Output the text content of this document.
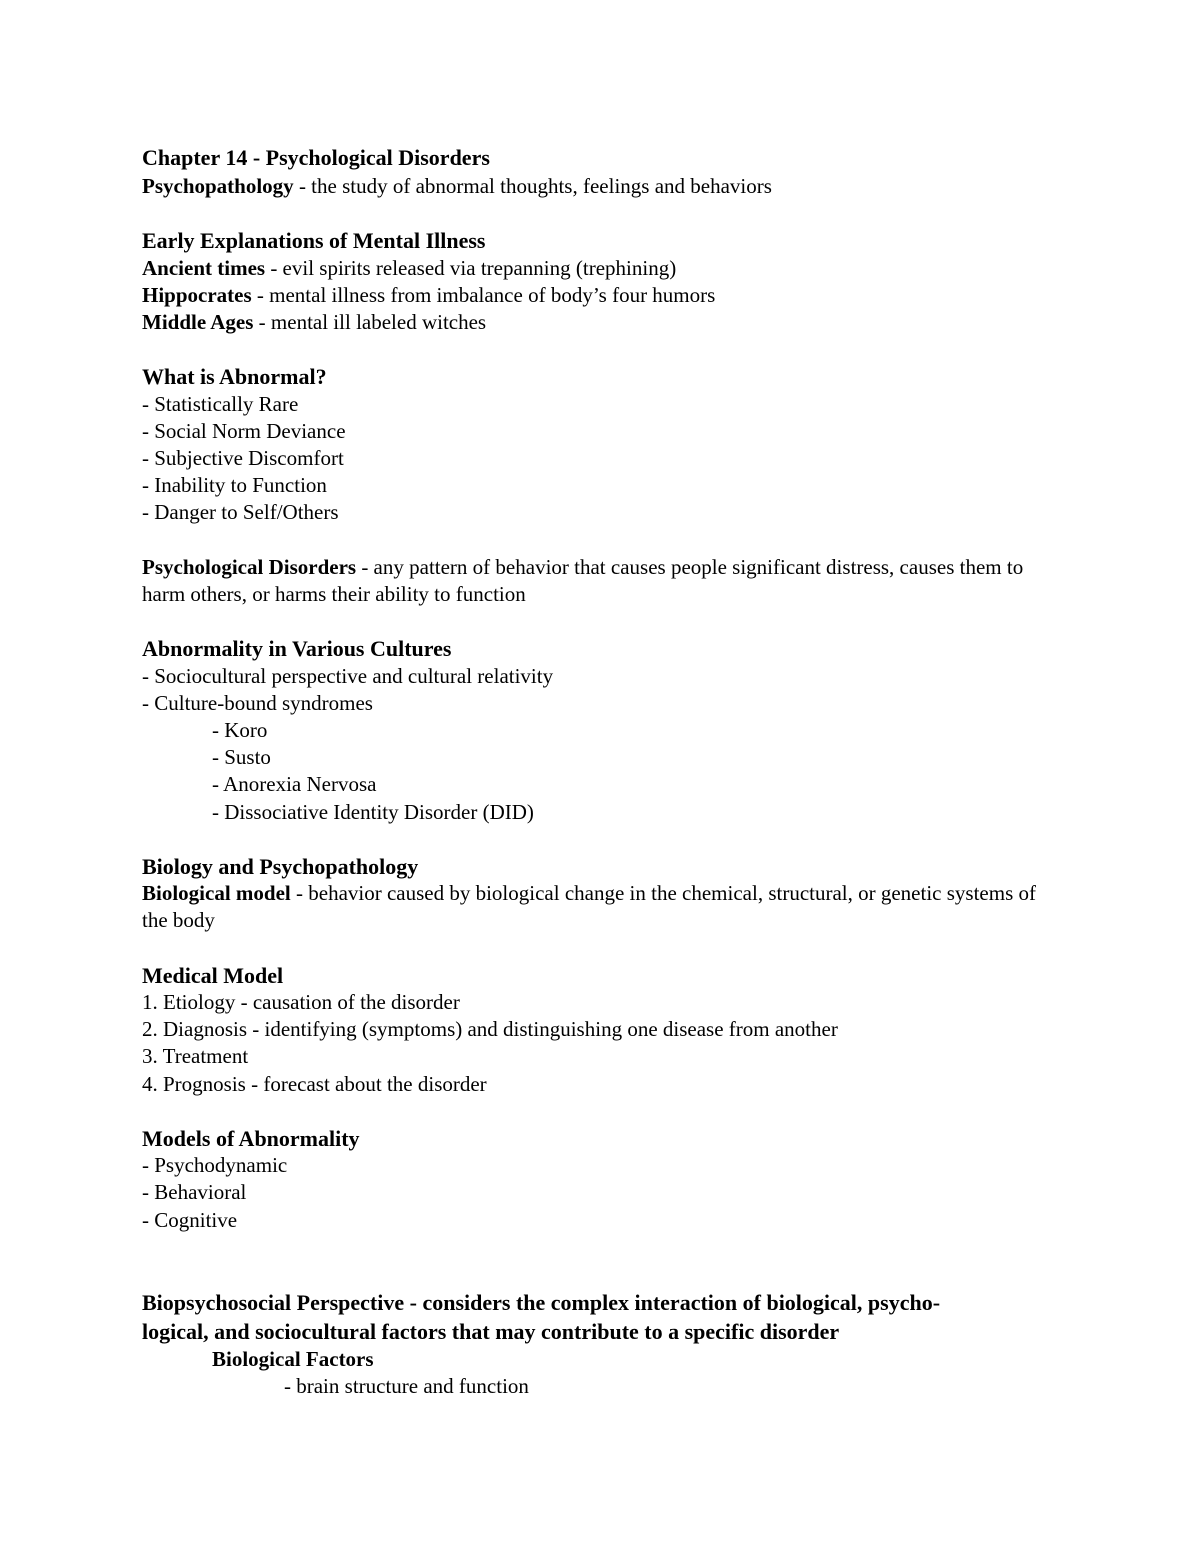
Chapter 14 - Psychological Disorders
Psychopathology - the study of abnormal thoughts, feelings and behaviors
Early Explanations of Mental Illness
Ancient times - evil spirits released via trepanning (trephining)
Hippocrates - mental illness from imbalance of body’s four humors
Middle Ages - mental ill labeled witches
What is Abnormal?
- Statistically Rare
- Social Norm Deviance
- Subjective Discomfort
- Inability to Function
- Danger to Self/Others
Psychological Disorders - any pattern of behavior that causes people significant distress, causes them to harm others, or harms their ability to function
Abnormality in Various Cultures
- Sociocultural perspective and cultural relativity
- Culture-bound syndromes
- Koro
- Susto
- Anorexia Nervosa
- Dissociative Identity Disorder (DID)
Biology and Psychopathology
Biological model - behavior caused by biological change in the chemical, structural, or genetic systems of the body
Medical Model
1. Etiology - causation of the disorder
2. Diagnosis - identifying (symptoms) and distinguishing one disease from another
3. Treatment
4. Prognosis - forecast about the disorder
Models of Abnormality
- Psychodynamic
- Behavioral
- Cognitive
Biopsychosocial Perspective - considers the complex interaction of biological, psycho-
logical, and sociocultural factors that may contribute to a specific disorder
Biological Factors
- brain structure and function
